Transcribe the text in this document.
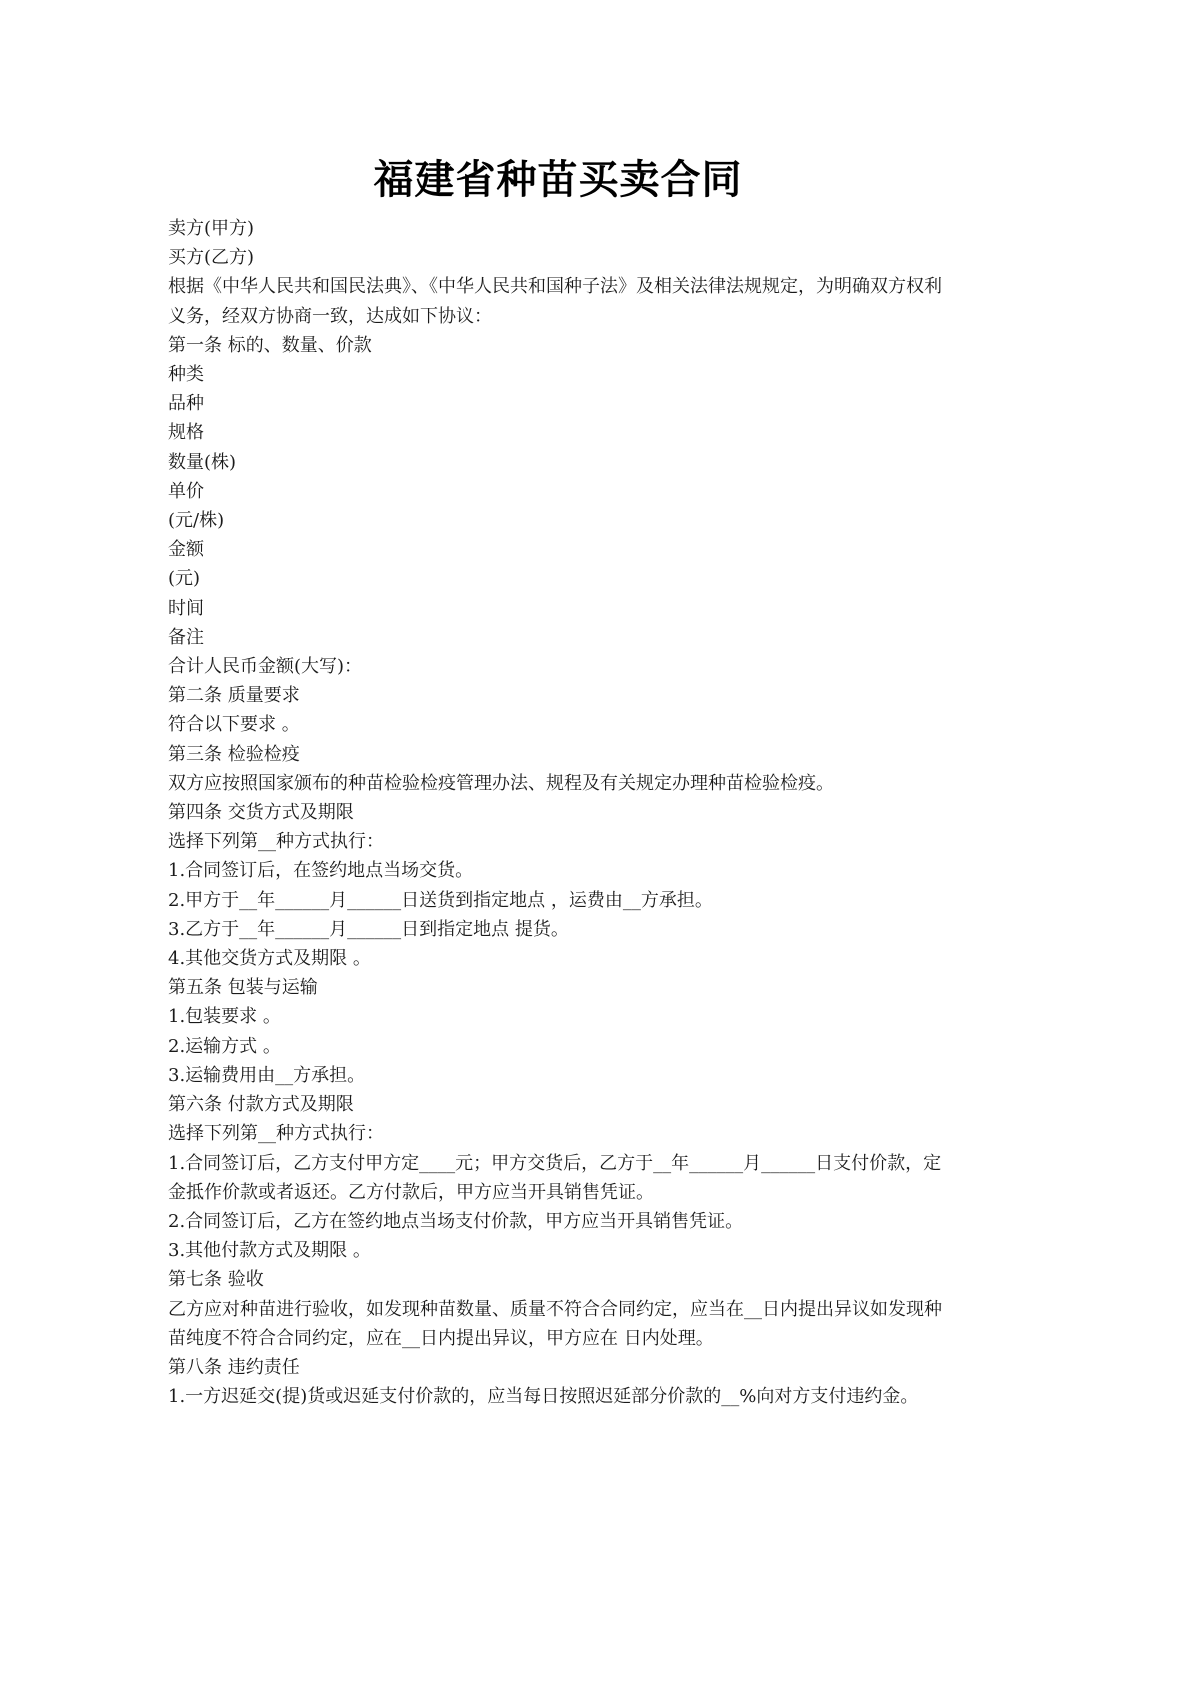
福建省种苗买卖合同

卖方(甲方)

买方(乙方)

根据《中华人民共和国民法典》、《中华人民共和国种子法》及相关法律法规规定，为明确双方权利义务，经双方协商一致，达成如下协议：

第一条 标的、数量、价款

种类

品种

规格

数量(株)

单价

(元/株)

金额

(元)

时间

备注

合计人民币金额(大写)：

第二条 质量要求

符合以下要求 。

第三条 检验检疫

双方应按照国家颁布的种苗检验检疫管理办法、规程及有关规定办理种苗检验检疫。

第四条 交货方式及期限

选择下列第__种方式执行：

1.合同签订后，在签约地点当场交货。

2.甲方于__年______月______日送货到指定地点 ，运费由__方承担。

3.乙方于__年______月______日到指定地点 提货。

4.其他交货方式及期限 。

第五条 包装与运输

1.包装要求 。

2.运输方式 。

3.运输费用由__方承担。

第六条 付款方式及期限

选择下列第__种方式执行：

1.合同签订后，乙方支付甲方定____元；甲方交货后，乙方于__年______月______日支付价款，定金抵作价款或者返还。乙方付款后，甲方应当开具销售凭证。

2.合同签订后，乙方在签约地点当场支付价款，甲方应当开具销售凭证。

3.其他付款方式及期限 。

第七条 验收

乙方应对种苗进行验收，如发现种苗数量、质量不符合合同约定，应当在__日内提出异议如发现种苗纯度不符合合同约定，应在__日内提出异议，甲方应在 日内处理。

第八条 违约责任

1.一方迟延交(提)货或迟延支付价款的，应当每日按照迟延部分价款的__%向对方支付违约金。
